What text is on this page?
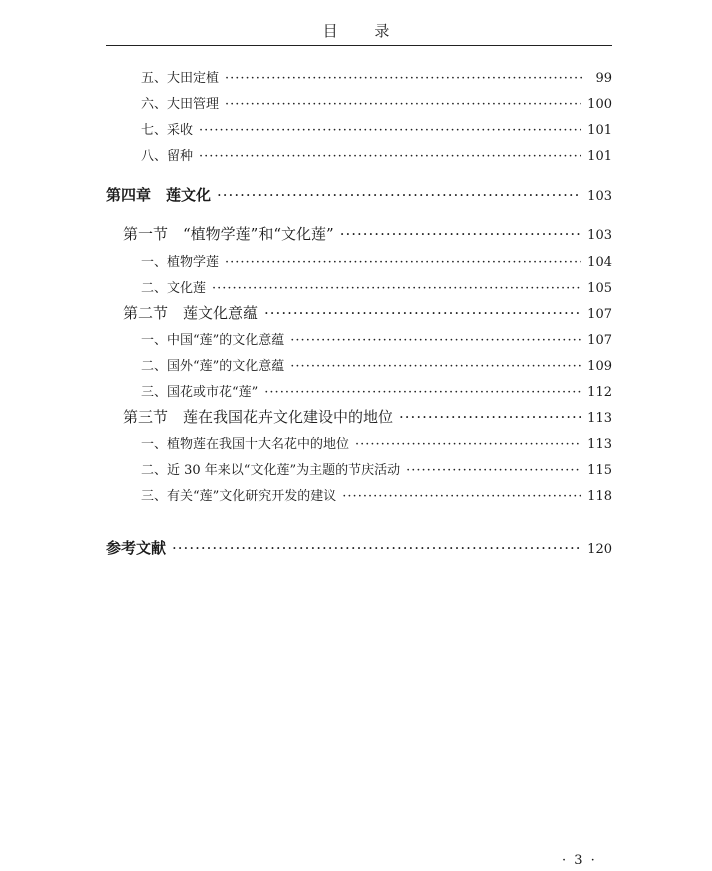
目 录
五、大田定植 ·····	99
六、大田管理 ·····	100
七、采收 ·····	101
八、留种 ·····	101
第四章　莲文化 ·····	103
第一节　“植物学莲”和“文化莲” ·····	103
一、植物学莲 ·····	104
二、文化莲 ·····	105
第二节　莲文化意蕴 ·····	107
一、中国“莲”的文化意蕴 ·····	107
二、国外“莲”的文化意蕴 ·····	109
三、国花或市花“莲” ·····	112
第三节　莲在我国花卉文化建设中的地位 ·····	113
一、植物莲在我国十大名花中的地位 ·····	113
二、近 30 年来以“文化莲”为主题的节庆活动 ·····	115
三、有关“莲”文化研究开发的建议 ·····	118
参考文献 ·····	120
· 3 ·
